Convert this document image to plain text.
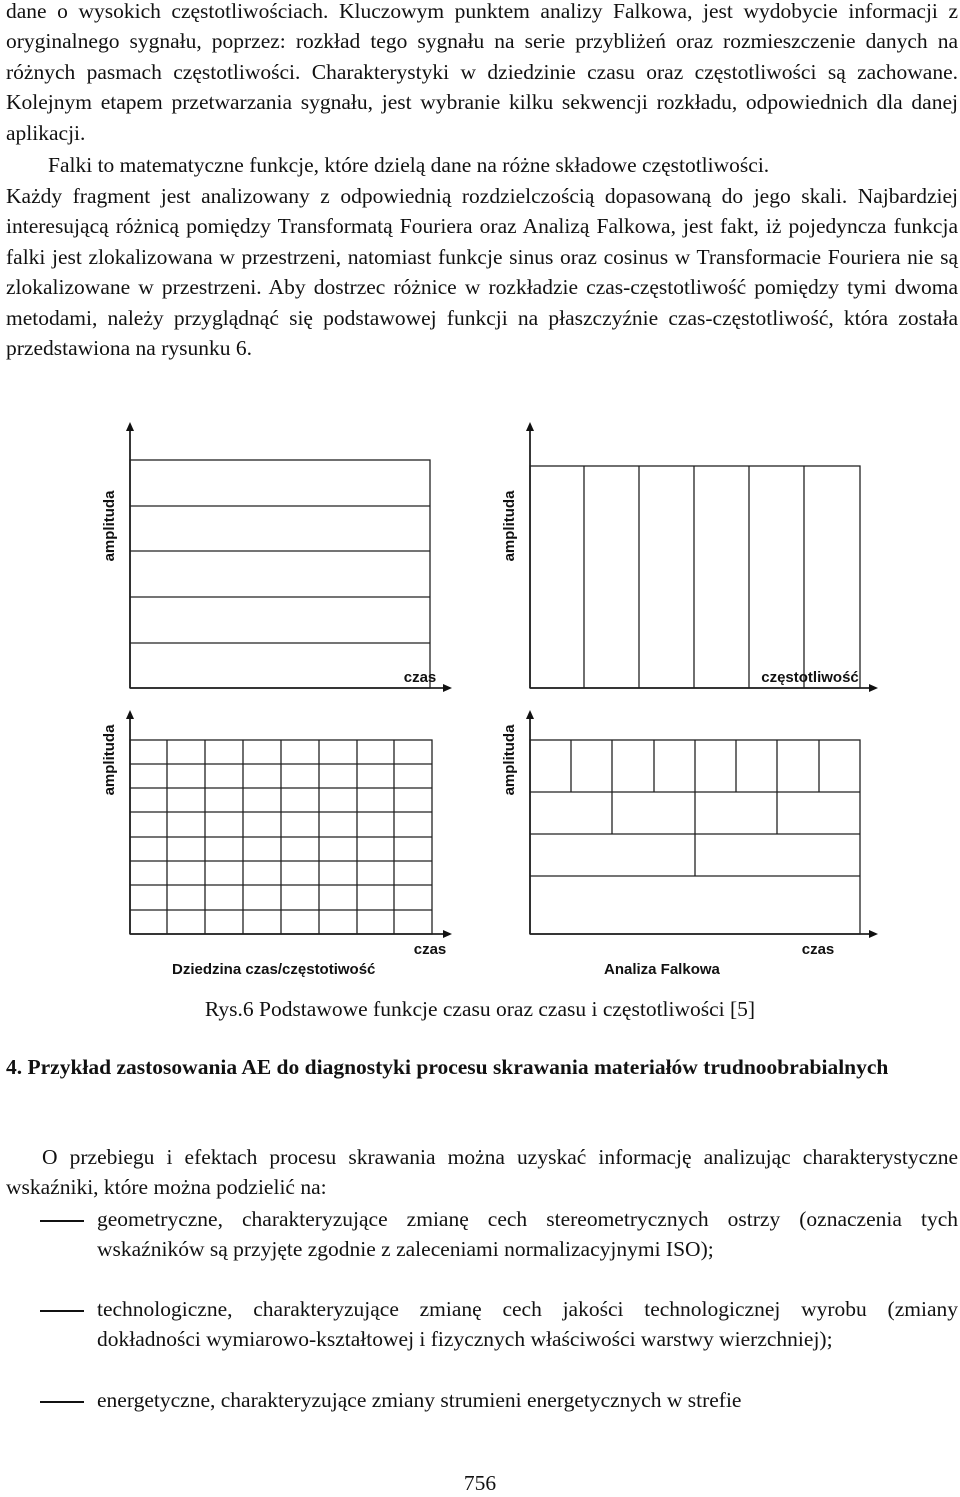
dane o wysokich częstotliwościach. Kluczowym punktem analizy Falkowa, jest wydobycie informacji z oryginalnego sygnału, poprzez: rozkład tego sygnału na serie przybliżeń oraz rozmieszczenie danych na różnych pasmach częstotliwości. Charakterystyki w dziedzinie czasu oraz częstotliwości są zachowane. Kolejnym etapem przetwarzania sygnału, jest wybranie kilku sekwencji rozkładu, odpowiednich dla danej aplikacji.

Falki to matematyczne funkcje, które dzielą dane na różne składowe częstotliwości.

Każdy fragment jest analizowany z odpowiednią rozdzielczością dopasowaną do jego skali. Najbardziej interesującą różnicą pomiędzy Transformatą Fouriera oraz Analizą Falkowa, jest fakt, iż pojedyncza funkcja falki jest zlokalizowana w przestrzeni, natomiast funkcje sinus oraz cosinus w Transformacie Fouriera nie są zlokalizowane w przestrzeni. Aby dostrzec różnice w rozkładzie czas-częstotliwość pomiędzy tymi dwoma metodami, należy przyglądnąć się podstawowej funkcji na płaszczyźnie czas-częstotliwość, która została przedstawiona na rysunku 6.

amplituda
czas
amplituda
częstotliwość
amplituda
czas
amplituda
czas
Dziedzina czas/częstotiwość	Analiza Falkowa
Rys.6 Podstawowe funkcje czasu oraz czasu i częstotliwości [5]
4. Przykład zastosowania AE do diagnostyki procesu skrawania materiałów trudnoobrabialnych

O przebiegu i efektach procesu skrawania można uzyskać informację analizując charakterystyczne wskaźniki, które można podzielić na:

geometryczne, charakteryzujące zmianę cech stereometrycznych ostrzy (oznaczenia tych wskaźników są przyjęte zgodnie z zaleceniami normalizacyjnymi ISO);
technologiczne, charakteryzujące zmianę cech jakości technologicznej wyrobu (zmiany dokładności wymiarowo-kształtowej i fizycznych właściwości warstwy wierzchniej);
energetyczne, charakteryzujące zmiany strumieni energetycznych w strefie
756
